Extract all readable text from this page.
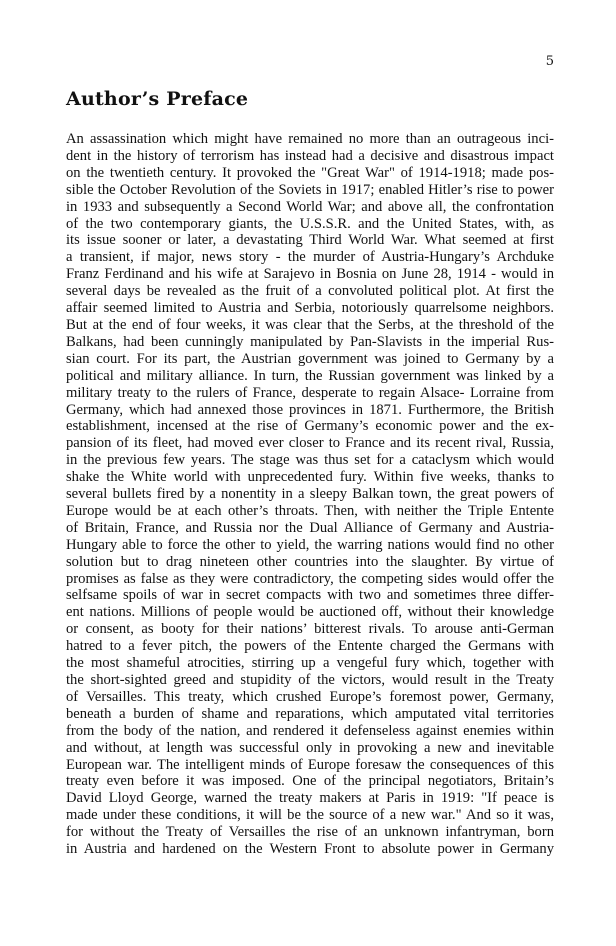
5
Author’s Preface
An assassination which might have remained no more than an outrageous inci-
dent in the history of terrorism has instead had a decisive and disastrous impact
on the twentieth century. It provoked the "Great War" of 1914-1918; made pos-
sible the October Revolution of the Soviets in 1917; enabled Hitler’s rise to power
in 1933 and subsequently a Second World War; and above all, the confrontation
of the two contemporary giants, the U.S.S.R. and the United States, with, as
its issue sooner or later, a devastating Third World War. What seemed at first
a transient, if major, news story - the murder of Austria-Hungary’s Archduke
Franz Ferdinand and his wife at Sarajevo in Bosnia on June 28, 1914 - would in
several days be revealed as the fruit of a convoluted political plot. At first the
affair seemed limited to Austria and Serbia, notoriously quarrelsome neighbors.
But at the end of four weeks, it was clear that the Serbs, at the threshold of the
Balkans, had been cunningly manipulated by Pan-Slavists in the imperial Rus-
sian court. For its part, the Austrian government was joined to Germany by a
political and military alliance. In turn, the Russian government was linked by a
military treaty to the rulers of France, desperate to regain Alsace- Lorraine from
Germany, which had annexed those provinces in 1871. Furthermore, the British
establishment, incensed at the rise of Germany’s economic power and the ex-
pansion of its fleet, had moved ever closer to France and its recent rival, Russia,
in the previous few years. The stage was thus set for a cataclysm which would
shake the White world with unprecedented fury. Within five weeks, thanks to
several bullets fired by a nonentity in a sleepy Balkan town, the great powers of
Europe would be at each other’s throats. Then, with neither the Triple Entente
of Britain, France, and Russia nor the Dual Alliance of Germany and Austria-
Hungary able to force the other to yield, the warring nations would find no other
solution but to drag nineteen other countries into the slaughter. By virtue of
promises as false as they were contradictory, the competing sides would offer the
selfsame spoils of war in secret compacts with two and sometimes three differ-
ent nations. Millions of people would be auctioned off, without their knowledge
or consent, as booty for their nations’ bitterest rivals. To arouse anti-German
hatred to a fever pitch, the powers of the Entente charged the Germans with
the most shameful atrocities, stirring up a vengeful fury which, together with
the short-sighted greed and stupidity of the victors, would result in the Treaty
of Versailles. This treaty, which crushed Europe’s foremost power, Germany,
beneath a burden of shame and reparations, which amputated vital territories
from the body of the nation, and rendered it defenseless against enemies within
and without, at length was successful only in provoking a new and inevitable
European war. The intelligent minds of Europe foresaw the consequences of this
treaty even before it was imposed. One of the principal negotiators, Britain’s
David Lloyd George, warned the treaty makers at Paris in 1919: "If peace is
made under these conditions, it will be the source of a new war." And so it was,
for without the Treaty of Versailles the rise of an unknown infantryman, born
in Austria and hardened on the Western Front to absolute power in Germany
